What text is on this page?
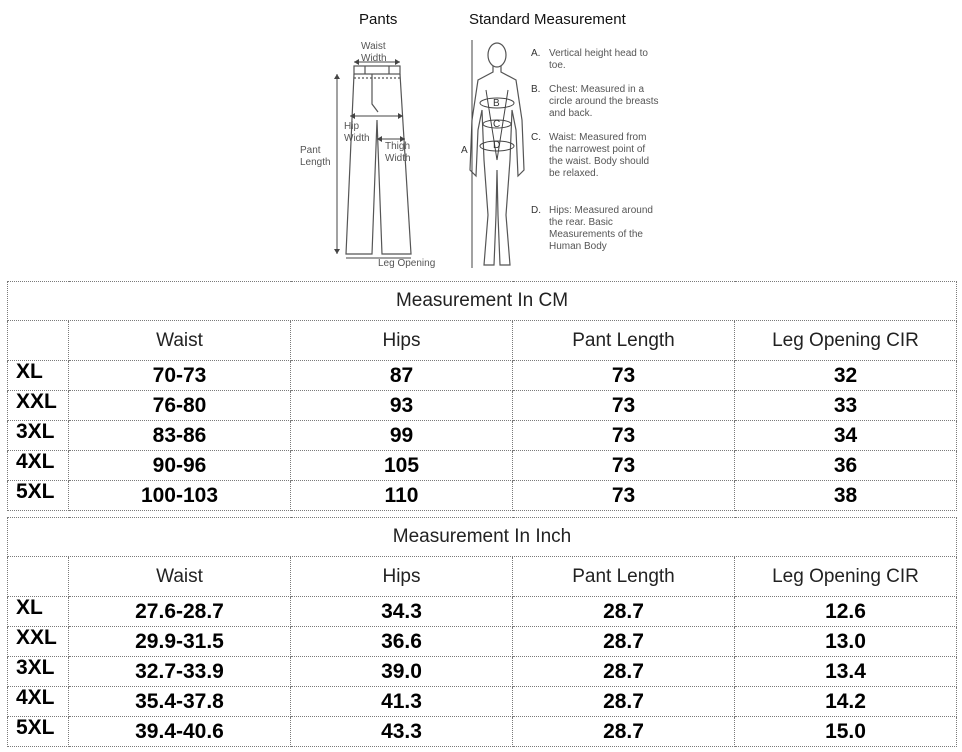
Pants
Waist
Width
Hip
Width
Pant
Length
Thigh
Width
Leg Opening
Standard Measurement
B
C
D
A
A. Vertical height head to toe.
B. Chest: Measured in a circle around the breasts and back.
C. Waist: Measured from the narrowest point of the waist. Body should be relaxed.
D. Hips: Measured around the rear. Basic Measurements of the Human Body
Measurement In CM				
	Waist	Hips	Pant Length	Leg Opening CIR
XL	70-73	87	73	32
XXL	76-80	93	73	33
3XL	83-86	99	73	34
4XL	90-96	105	73	36
5XL	100-103	110	73	38
Measurement In Inch				
	Waist	Hips	Pant Length	Leg Opening CIR
XL	27.6-28.7	34.3	28.7	12.6
XXL	29.9-31.5	36.6	28.7	13.0
3XL	32.7-33.9	39.0	28.7	13.4
4XL	35.4-37.8	41.3	28.7	14.2
5XL	39.4-40.6	43.3	28.7	15.0
